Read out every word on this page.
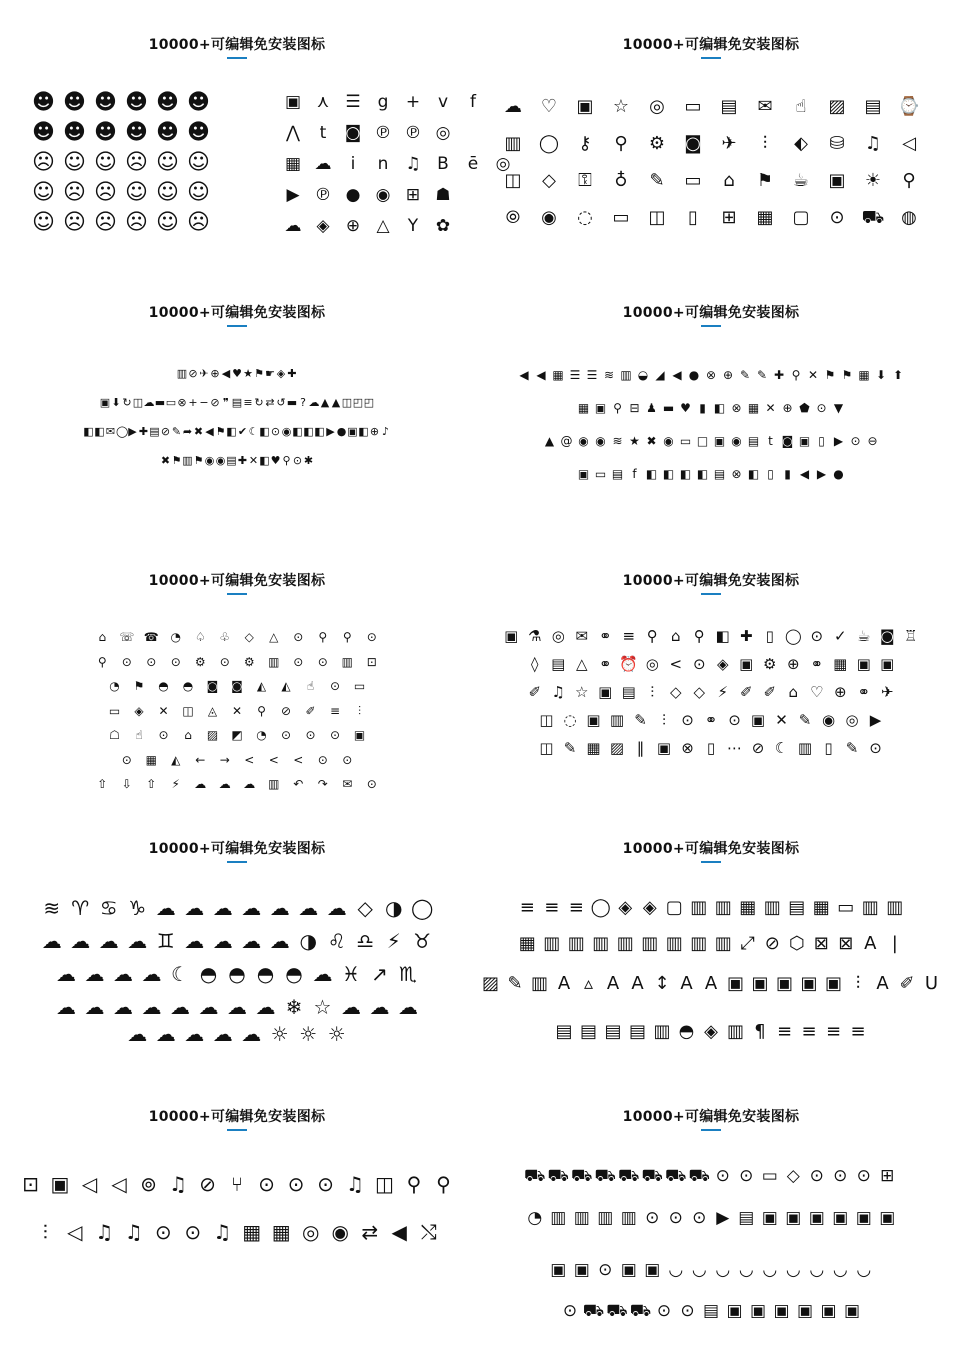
10000+可编辑免安装图标
☻ ☻ ☻ ☻ ☻ ☻
☻ ☻ ☻ ☻ ☻ ☻
☹ ☺ ☺ ☹ ☺ ☺
☺ ☹ ☹ ☺ ☺ ☺
☺ ☹ ☹ ☹ ☺ ☹
▣ ⋏ ☰ g + v f
⋀ t ◙ ℗ ℗ ◎
▦ ☁ i n ♫ B ē ◎
▶ ℗ ● ◉ ⊞ ☗
☁ ◈ ⊕ △ Y ✿
10000+可编辑免安装图标
☁ ♡ ▣ ☆ ◎ ▭ ▤ ✉ ☝ ▨ ▤ ⌚
▥ ◯ ⚷ ⚲ ⚙ ◙ ✈ ⫶ ⬖ ⛁ ♫ ◁
◫ ◇ ⚿ ♁ ✎ ▭ ⌂ ⚑ ☕ ▣ ☀ ⚲
⦾ ◉ ◌ ▭ ◫ ▯ ⊞ ▦ ▢ ⊙ ⛟ ◍
10000+可编辑免安装图标
▥⊘ ✈ ⊕ ◀ ♥★⚑☛ ◈ ✚
▣⬇ ↻◫☁▬▭⊗ + − ⊘ ❞ ▤≡ ↻ ⇄ ↺▬ ? ☁▲ ▲ ◫◰◰
◧◧✉◯▶ ✚▤⊘ ✎ ➦ ✖ ◀ ⚑◧✔☾◧⊙ ◉◧◧◧ ▶ ●▣◧⊕ ♪
✖⚑▥⚑◉◉▤✚ ✕◧♥ ⚲ ⊙ ✱
10000+可编辑免安装图标
◀ ◀ ▦ ☰ ☰ ≋ ▥ ◒ ◢ ◀ ● ⊗ ⊕ ✎ ✎ ✚ ⚲ ✕ ⚑ ⚑ ▦ ⬇ ⬆
▦ ▣ ⚲ ⊟ ♟ ▬ ♥ ▮ ◧ ⊗ ▦ ✕ ⊕ ⬟ ⊙ ▼
▲ @ ◉ ◉ ≋ ★ ✖ ◉ ▭ □ ▣ ◉ ▤ t ◙ ▣ ▯ ▶ ⊙ ⊖
▣ ▭ ▤ f ◧ ◧ ◧ ◧ ▤ ⊗ ◧ ▯ ▮ ◀ ▶ ●
10000+可编辑免安装图标
⌂ ☏ ☎ ◔ ♤ ♧ ◇ △ ⊙ ⚲ ⚲ ⊙
⚲ ⊙ ⊙ ⊙ ⚙ ⊙ ⚙ ▥ ⊙ ⊙ ▥ ⊡
◔ ⚑ ◓ ◓ ◙ ◙ ◭ ◭ ☝ ⊙ ▭
▭ ◈ ✕ ◫ ◬ ✕ ⚲ ⊘ ✐ ≡ ⫶
☖ ☝ ⊙ ⌂ ▨ ◩ ◔ ⊙ ⊙ ⊙ ▣
⊙ ▦ ◭ ← → < < < ⊙ ⊙
⇧ ⇩ ⇧ ⚡ ☁ ☁ ☁ ▥ ↶ ↷ ✉ ⊙
10000+可编辑免安装图标
▣ ⚗ ◎ ✉ ⚭ ≡ ⚲ ⌂ ⚲ ◧ ✚ ▯ ◯ ⊙ ✓ ☕ ◙ ♖
◊ ▤ △ ⚭ ⏰ ◎ < ⊙ ◈ ▣ ⚙ ⊕ ⚭ ▦ ▣ ▣
✐ ♫ ☆ ▣ ▤ ⫶ ◇ ◇ ⚡ ✐ ✐ ⌂ ♡ ⊕ ⚭ ✈
◫ ◌ ▣ ▥ ✎ ⫶ ⊙ ⚭ ⊙ ▣ ✕ ✎ ◉ ◎ ▶
◫ ✎ ▦ ▨ ‖ ▣ ⊗ ▯ ⋯ ⊘ ☾ ▥ ▯ ✎ ⊙
10000+可编辑免安装图标
≋ ♈ ♋ ♑ ☁ ☁ ☁ ☁ ☁ ☁ ☁ ◇ ◑ ◯
☁ ☁ ☁ ☁ ♊ ☁ ☁ ☁ ☁ ◑ ♌ ♎ ⚡ ♉
☁ ☁ ☁ ☁ ☾ ◓ ◓ ◓ ◓ ☁ ♓ ↗ ♏
☁ ☁ ☁ ☁ ☁ ☁ ☁ ☁ ❄ ☆ ☁ ☁ ☁
☁ ☁ ☁ ☁ ☁ ☼ ☼ ☼
10000+可编辑免安装图标
≡ ≡ ≡ ◯ ◈ ◈ ▢ ▥ ▥ ▦ ▥ ▤ ▦ ▭ ▥ ▥
▦ ▥ ▥ ▥ ▥ ▥ ▥ ▥ ▥ ⤢ ⊘ ⬡ ⊠ ⊠ A |
▨ ✎ ▥ A ▵ A A ↕ A A ▣ ▣ ▣ ▣ ▣ ⫶ A ✐ U
▤ ▤ ▤ ▤ ▥ ◓ ◈ ▥ ¶ ≡ ≡ ≡ ≡
10000+可编辑免安装图标
⊡ ▣ ◁ ◁ ⊚ ♫ ⊘ ⑂ ⊙ ⊙ ⊙ ♫ ◫ ⚲ ⚲
⫶ ◁ ♫ ♫ ⊙ ⊙ ♫ ▦ ▦ ◎ ◉ ⇄ ◀ ⤭
10000+可编辑免安装图标
⛟ ⛟ ⛟ ⛟ ⛟ ⛟ ⛟ ⛟ ⊙ ⊙ ▭ ◇ ⊙ ⊙ ⊙ ⊞
◔ ▥ ▥ ▥ ▥ ⊙ ⊙ ⊙ ▶ ▤ ▣ ▣ ▣ ▣ ▣ ▣
▣ ▣ ⊙ ▣ ▣ ◡ ◡ ◡ ◡ ◡ ◡ ◡ ◡ ◡
⊙ ⛟ ⛟ ⛟ ⊙ ⊙ ▤ ▣ ▣ ▣ ▣ ▣ ▣
